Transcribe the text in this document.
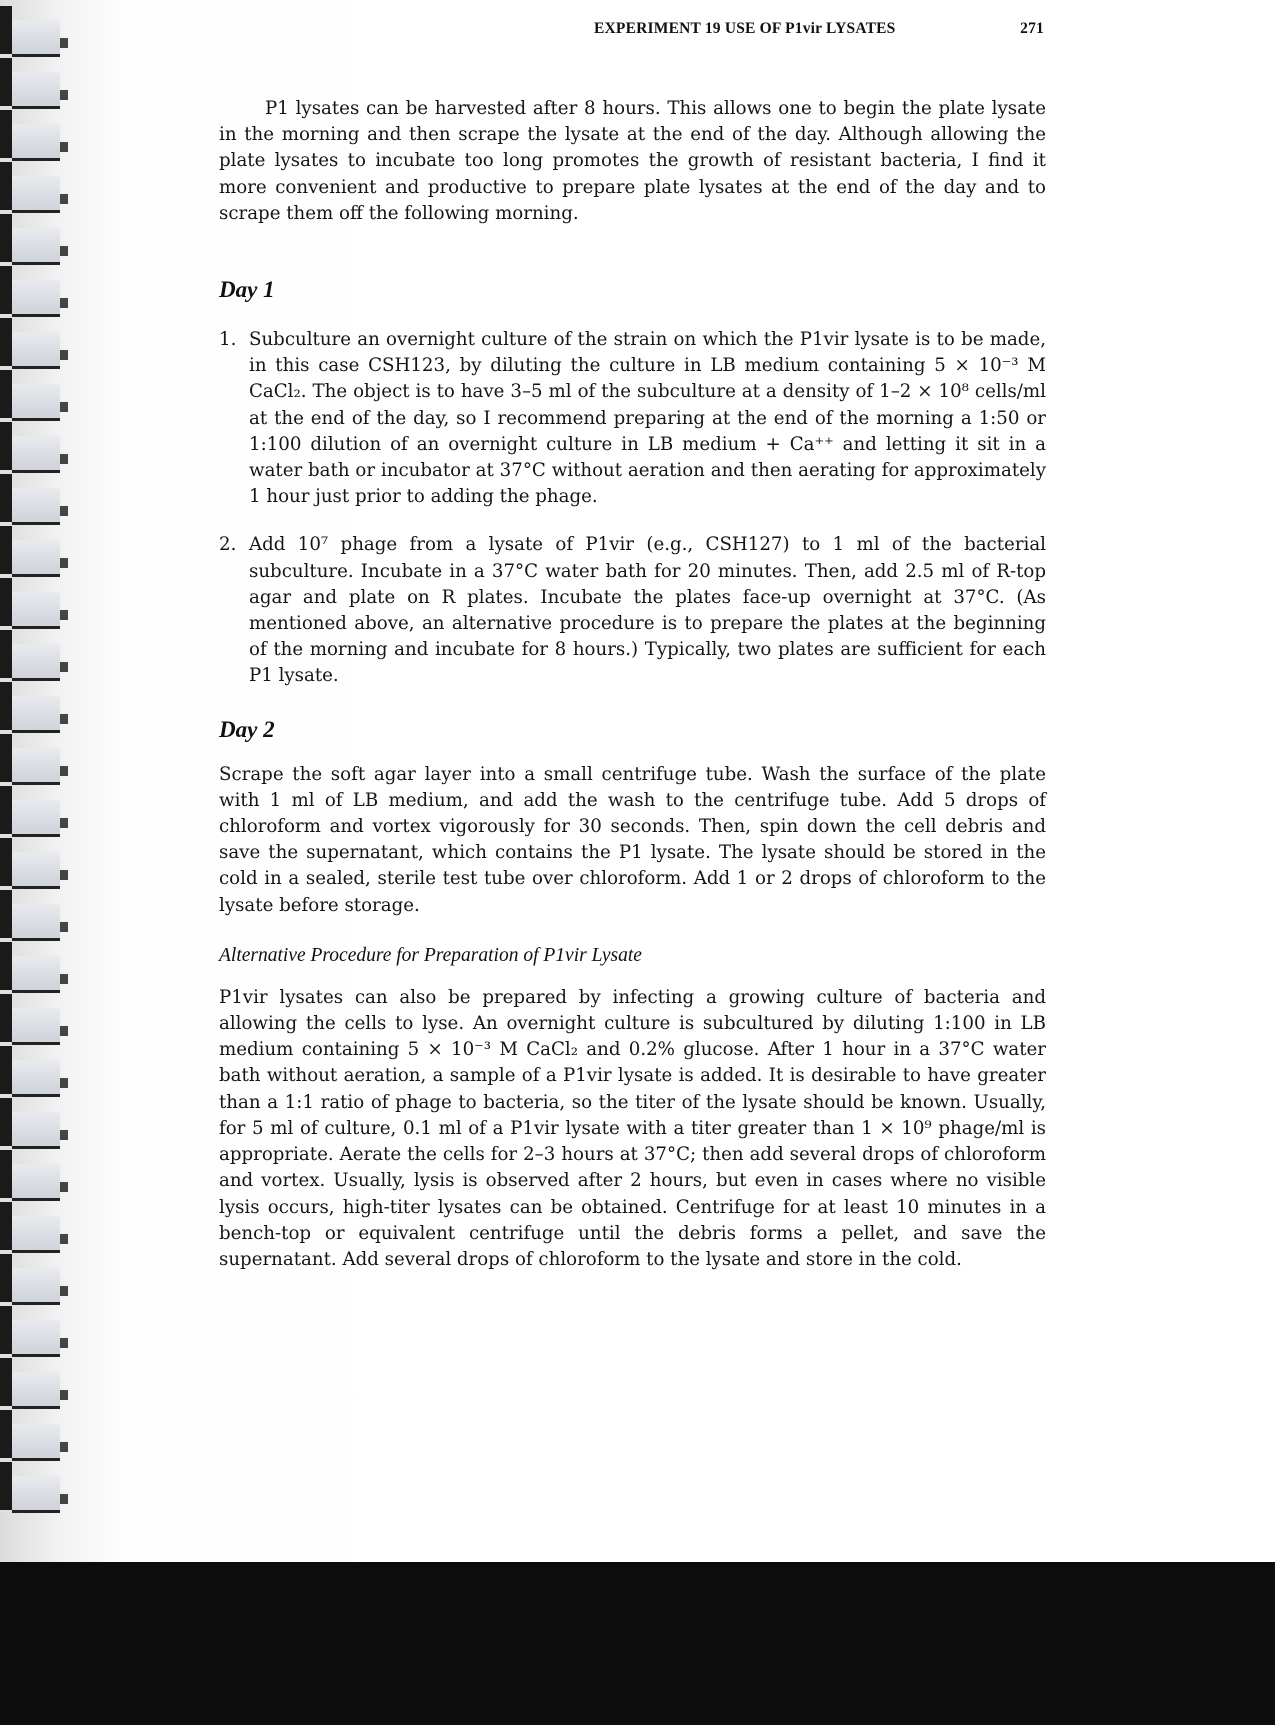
EXPERIMENT 19 USE OF P1vir LYSATES	271

P1 lysates can be harvested after 8 hours. This allows one to begin the plate lysate in the morning and then scrape the lysate at the end of the day. Although allowing the plate lysates to incubate too long promotes the growth of resistant bacteria, I find it more convenient and productive to prepare plate lysates at the end of the day and to scrape them off the following morning.

Day 1
1. Subculture an overnight culture of the strain on which the P1vir lysate is to be made, in this case CSH123, by diluting the culture in LB medium containing 5 × 10⁻³ M CaCl₂. The object is to have 3–5 ml of the subculture at a density of 1–2 × 10⁸ cells/ml at the end of the day, so I recommend preparing at the end of the morning a 1:50 or 1:100 dilution of an overnight culture in LB medium + Ca⁺⁺ and letting it sit in a water bath or incubator at 37°C without aeration and then aerating for approximately 1 hour just prior to adding the phage.
2. Add 10⁷ phage from a lysate of P1vir (e.g., CSH127) to 1 ml of the bacterial subculture. Incubate in a 37°C water bath for 20 minutes. Then, add 2.5 ml of R-top agar and plate on R plates. Incubate the plates face-up overnight at 37°C. (As mentioned above, an alternative procedure is to prepare the plates at the beginning of the morning and incubate for 8 hours.) Typically, two plates are sufficient for each P1 lysate.
Day 2

Scrape the soft agar layer into a small centrifuge tube. Wash the surface of the plate with 1 ml of LB medium, and add the wash to the centrifuge tube. Add 5 drops of chloroform and vortex vigorously for 30 seconds. Then, spin down the cell debris and save the supernatant, which contains the P1 lysate. The lysate should be stored in the cold in a sealed, sterile test tube over chloroform. Add 1 or 2 drops of chloroform to the lysate before storage.

Alternative Procedure for Preparation of P1vir Lysate

P1vir lysates can also be prepared by infecting a growing culture of bacteria and allowing the cells to lyse. An overnight culture is subcultured by diluting 1:100 in LB medium containing 5 × 10⁻³ M CaCl₂ and 0.2% glucose. After 1 hour in a 37°C water bath without aeration, a sample of a P1vir lysate is added. It is desirable to have greater than a 1:1 ratio of phage to bacteria, so the titer of the lysate should be known. Usually, for 5 ml of culture, 0.1 ml of a P1vir lysate with a titer greater than 1 × 10⁹ phage/ml is appropriate. Aerate the cells for 2–3 hours at 37°C; then add several drops of chloroform and vortex. Usually, lysis is observed after 2 hours, but even in cases where no visible lysis occurs, high-titer lysates can be obtained. Centrifuge for at least 10 minutes in a bench-top or equivalent centrifuge until the debris forms a pellet, and save the supernatant. Add several drops of chloroform to the lysate and store in the cold.
